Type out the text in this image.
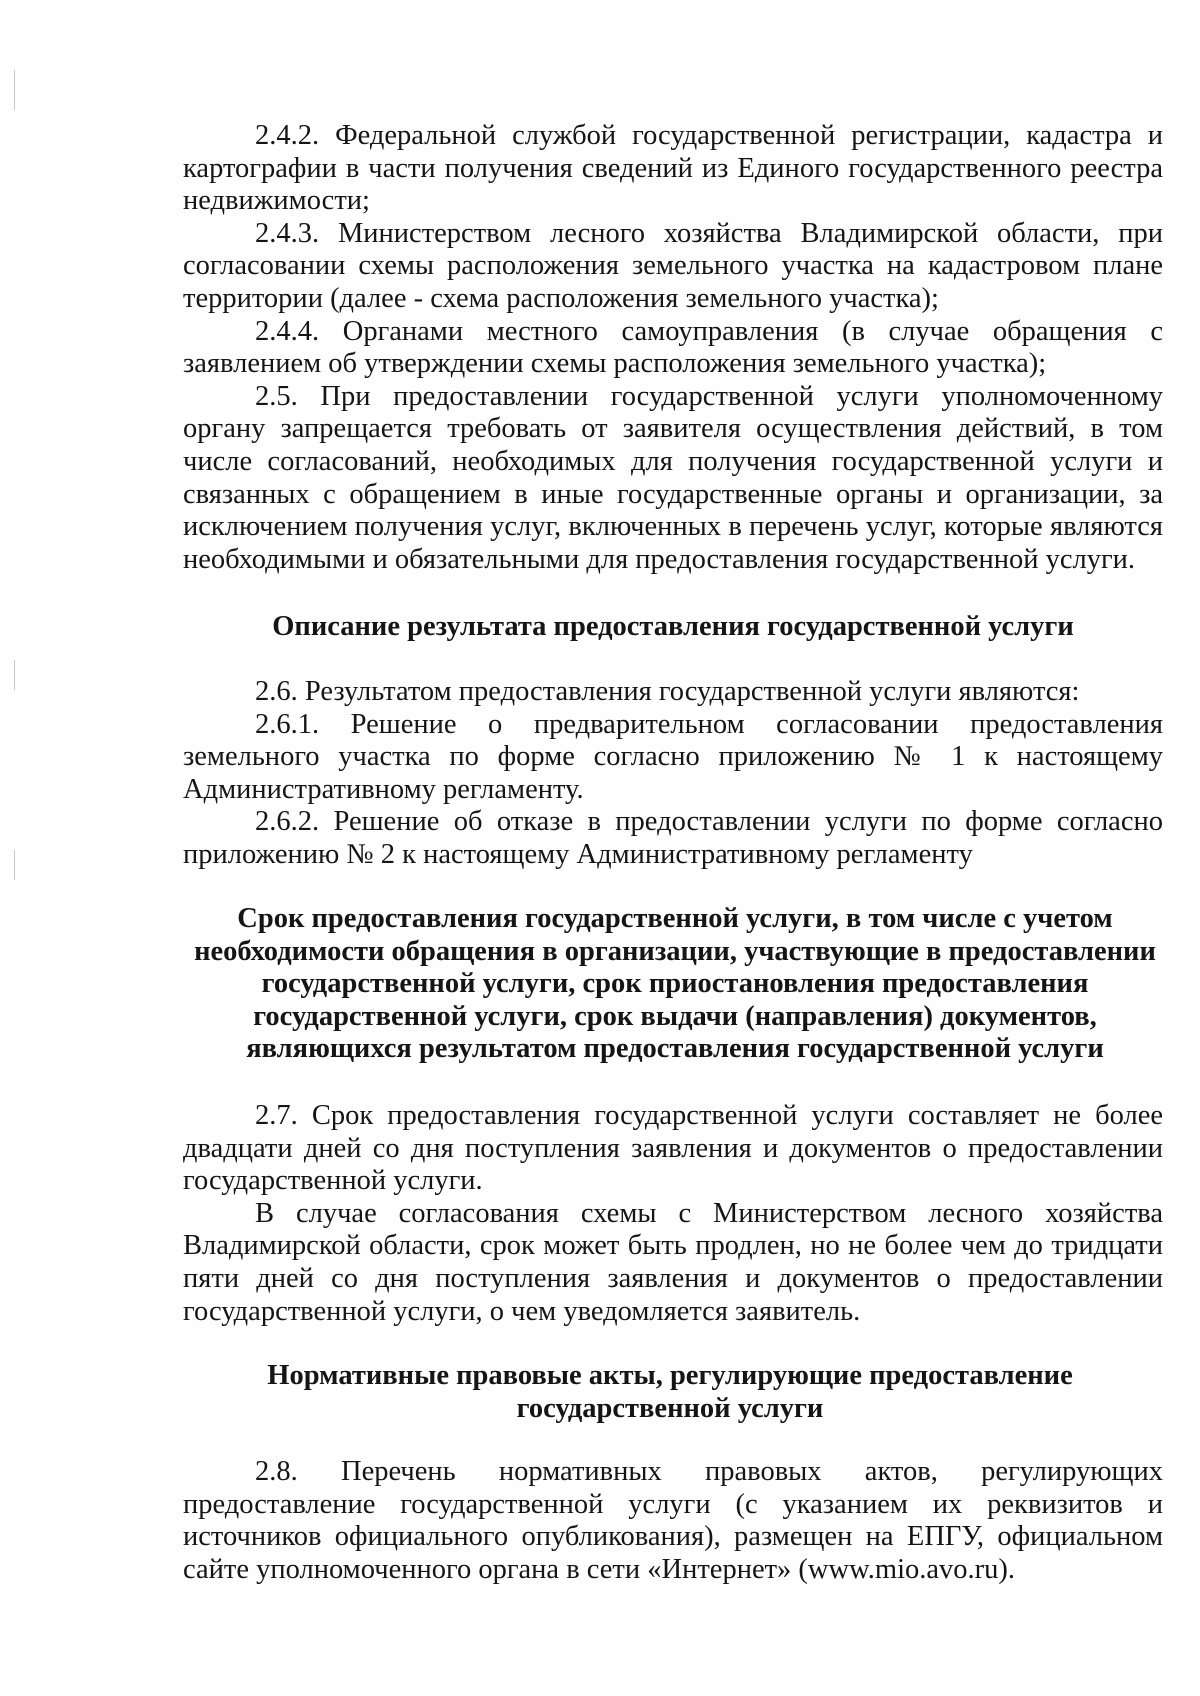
2.4.2. Федеральной службой государственной регистрации, кадастра и картографии в части получения сведений из Единого государственного реестра недвижимости;

2.4.3. Министерством лесного хозяйства Владимирской области, при согласовании схемы расположения земельного участка на кадастровом плане территории (далее - схема расположения земельного участка);

2.4.4. Органами местного самоуправления (в случае обращения с заявлением об утверждении схемы расположения земельного участка);

2.5. При предоставлении государственной услуги уполномоченному органу запрещается требовать от заявителя осуществления действий, в том числе согласований, необходимых для получения государственной услуги и связанных с обращением в иные государственные органы и организации, за исключением получения услуг, включенных в перечень услуг, которые являются необходимыми и обязательными для предоставления государственной услуги.

Описание результата предоставления государственной услуги

2.6. Результатом предоставления государственной услуги являются:

2.6.1. Решение о предварительном согласовании предоставления земельного участка по форме согласно приложению № 1 к настоящему Административному регламенту.

2.6.2. Решение об отказе в предоставлении услуги по форме согласно приложению № 2 к настоящему Административному регламенту

Срок предоставления государственной услуги, в том числе с учетом необходимости обращения в организации, участвующие в предоставлении государственной услуги, срок приостановления предоставления государственной услуги, срок выдачи (направления) документов, являющихся результатом предоставления государственной услуги

2.7. Срок предоставления государственной услуги составляет не более двадцати дней со дня поступления заявления и документов о предоставлении государственной услуги.

В случае согласования схемы с Министерством лесного хозяйства Владимирской области, срок может быть продлен, но не более чем до тридцати пяти дней со дня поступления заявления и документов о предоставлении государственной услуги, о чем уведомляется заявитель.

Нормативные правовые акты, регулирующие предоставление государственной услуги

2.8. Перечень нормативных правовых актов, регулирующих предоставление государственной услуги (с указанием их реквизитов и источников официального опубликования), размещен на ЕПГУ, официальном сайте уполномоченного органа в сети «Интернет» (www.mio.avo.ru).
